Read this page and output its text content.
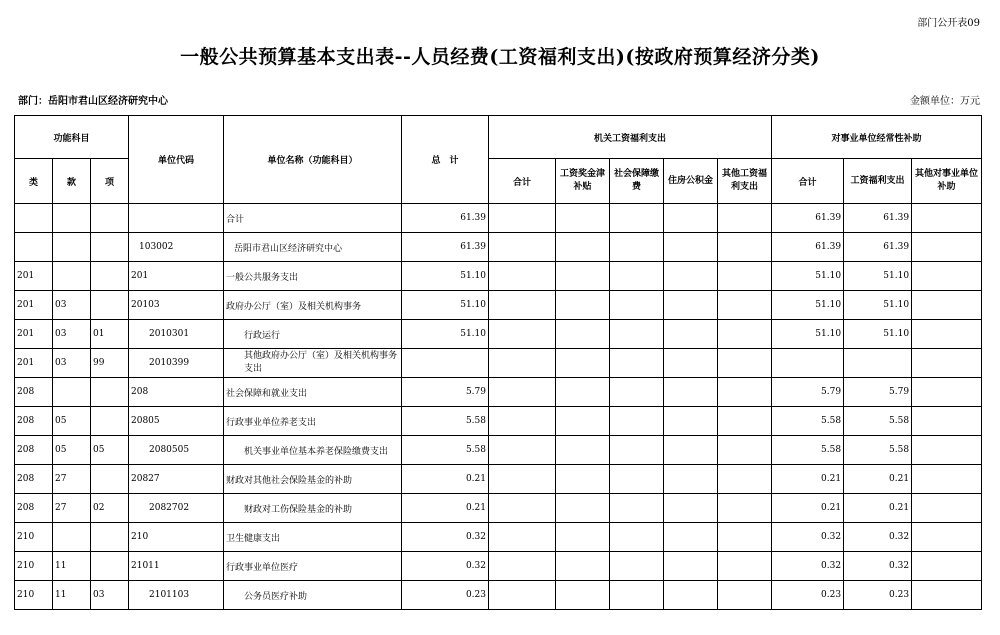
部门公开表09
一般公共预算基本支出表--人员经费(工资福利支出)(按政府预算经济分类)
部门：岳阳市君山区经济研究中心	金额单位：万元
功能科目			单位代码	单位名称（功能科目）	总　计	机关工资福利支出					对事业单位经常性补助		
类	款	项				合计	工资奖金津补贴	社会保障缴费	住房公积金	其他工资福利支出	合计	工资福利支出	其他对事业单位补助
				合计	61.39						61.39	61.39	
			103002	岳阳市君山区经济研究中心	61.39						61.39	61.39	
201			201	一般公共服务支出	51.10						51.10	51.10	
201	03		20103	政府办公厅（室）及相关机构事务	51.10						51.10	51.10	
201	03	01	2010301	行政运行	51.10						51.10	51.10	
201	03	99	2010399	其他政府办公厅（室）及相关机构事务支出									
208			208	社会保障和就业支出	5.79						5.79	5.79	
208	05		20805	行政事业单位养老支出	5.58						5.58	5.58	
208	05	05	2080505	机关事业单位基本养老保险缴费支出	5.58						5.58	5.58	
208	27		20827	财政对其他社会保险基金的补助	0.21						0.21	0.21	
208	27	02	2082702	财政对工伤保险基金的补助	0.21						0.21	0.21	
210			210	卫生健康支出	0.32						0.32	0.32	
210	11		21011	行政事业单位医疗	0.32						0.32	0.32	
210	11	03	2101103	公务员医疗补助	0.23						0.23	0.23	
